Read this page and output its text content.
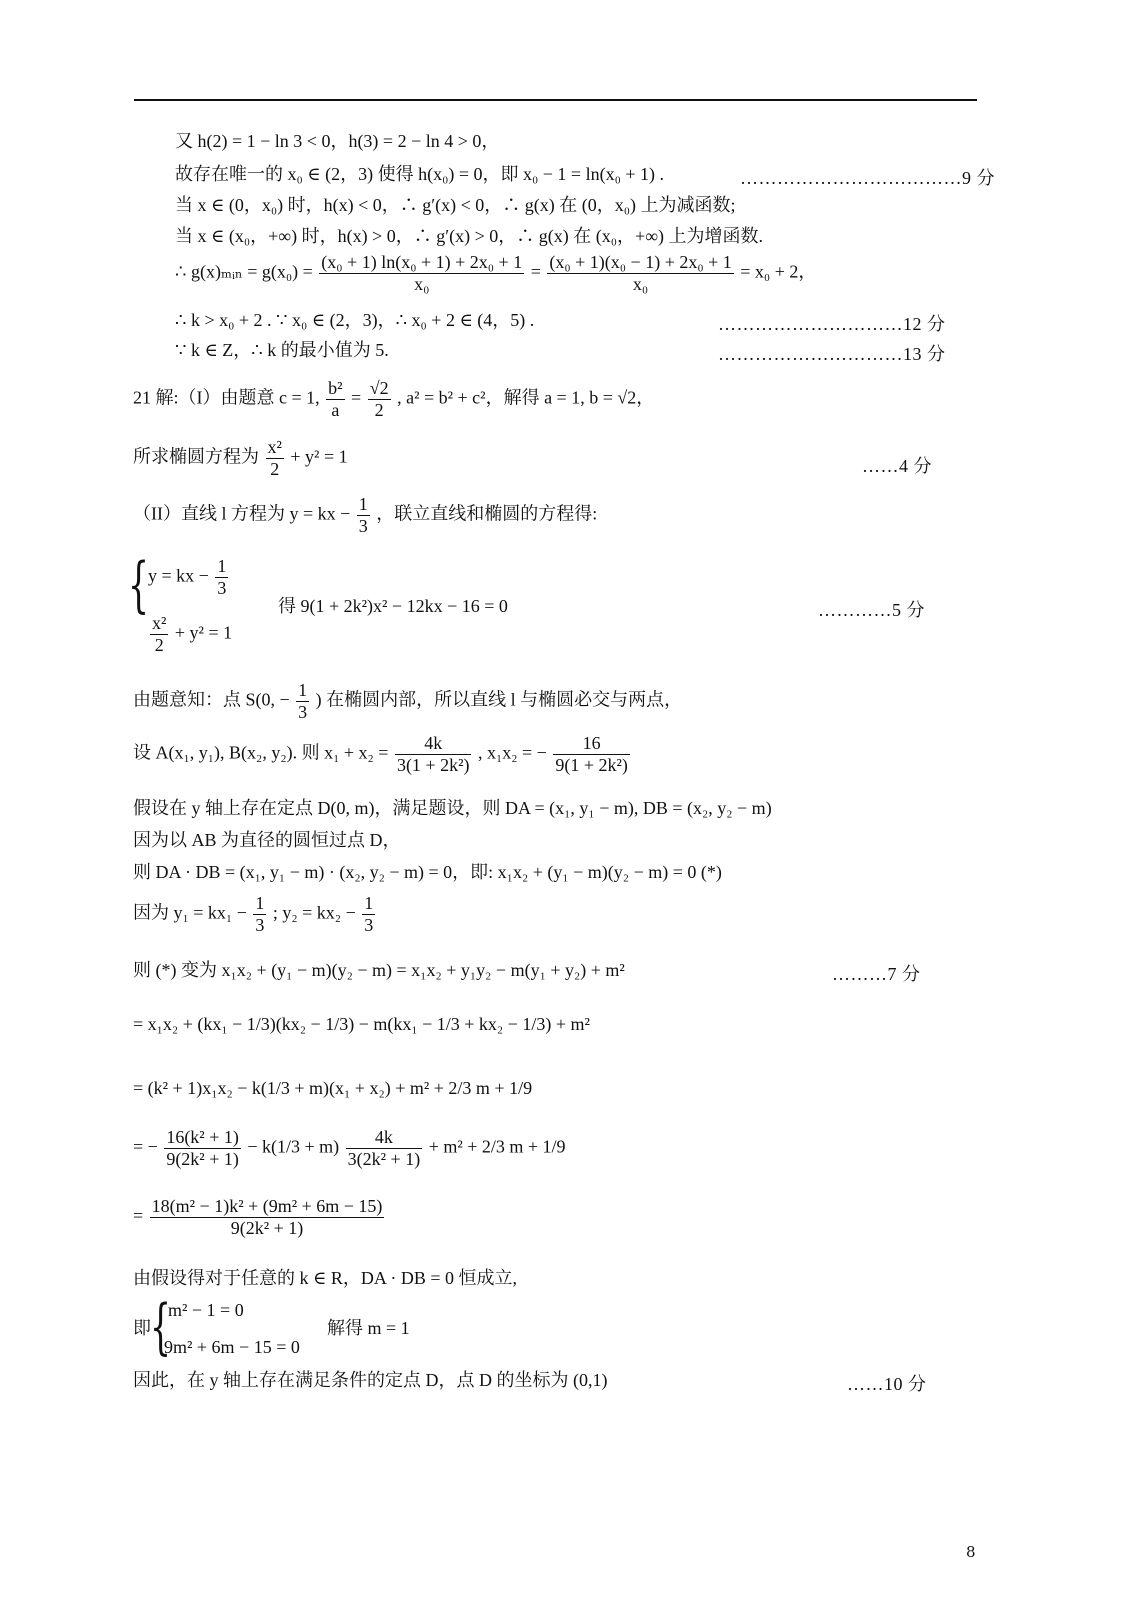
又 h(2) = 1 − ln 3 < 0，h(3) = 2 − ln 4 > 0，
故存在唯一的 x₀ ∈ (2，3) 使得 h(x₀) = 0，即 x₀ − 1 = ln(x₀ + 1) .	………………………………9 分
当 x ∈ (0，x₀) 时，h(x) < 0，∴ g′(x) < 0，∴ g(x) 在 (0，x₀) 上为减函数;
当 x ∈ (x₀，+∞) 时，h(x) > 0，∴ g′(x) > 0，∴ g(x) 在 (x₀，+∞) 上为增函数.
∴ g(x)ₘᵢₙ = $g(x_0) = \frac{\text{(x₀ + 1) ln(x₀ + 1) + 2x₀ + 1}}{\text{x₀}} = \frac{\text{(x₀ + 1)(x₀ − 1) + 2x₀ + 1}}{\text{x₀}} = x_0 + 2$，
∴ k > x₀ + 2 . ∵ x₀ ∈ (2，3)，∴ x₀ + 2 ∈ (4，5) .	…………………………12 分
∵ k ∈ Z，∴ k 的最小值为 5.	…………………………13 分
21 解:（I）由题意 c = 1, $\frac{\text{b²}}{a} = \frac{√2}{2}$ , a² = b² + c²，解得 a = 1, b = √2，
所求椭圆方程为 $\frac{\text{x²}}{2} + y^2 = 1$	……4 分
（II）直线 l 方程为 y = kx − $\frac{1}{3}$ ，联立直线和椭圆的方程得:
{
y = kx − $\frac{1}{3}$
$\frac{\text{x²}}{2} + y^2 = 1$
得 9(1 + 2k²)x² − 12kx − 16 = 0	…………5 分
由题意知：点 S(0, − $\frac{1}{3}$ ) 在椭圆内部，所以直线 l 与椭圆必交与两点，
设 A(x₁, y₁), B(x₂, y₂). 则 $x_1 + x_2 = \frac{4k}{\text{3(1 + 2k²)}}$ , x₁x₂ = − $\frac{16}{\text{9(1 + 2k²)}}$
假设在 y 轴上存在定点 D(0, m)，满足题设，则 DA = (x₁, y₁ − m), DB = (x₂, y₂ − m)
因为以 AB 为直径的圆恒过点 D，
则 DA · DB = (x₁, y₁ − m) · (x₂, y₂ − m) = 0，即: x₁x₂ + (y₁ − m)(y₂ − m) = 0 (*)
因为 $y_1 = kx_1 - \frac{1}{3}$ ; $y_2 = kx_2 - \frac{1}{3}$
则 (*) 变为 x₁x₂ + (y₁ − m)(y₂ − m) = x₁x₂ + y₁y₂ − m(y₁ + y₂) + m²	………7 分
= x₁x₂ + (kx₁ − 1/3)(kx₂ − 1/3) − m(kx₁ − 1/3 + kx₂ − 1/3) + m²
= (k² + 1)x₁x₂ − k(1/3 + m)(x₁ + x₂) + m² + 2/3 m + 1/9
= − $\frac{\text{16(k² + 1)}}{\text{9(2k² + 1)}} - k(1/3 + m) \frac{4k}{\text{3(2k² + 1)}} + m^2 + 2/3$ m + 1/9
= $\frac{\text{18(m² − 1)k² + (9m² + 6m − 15)}}{\text{9(2k² + 1)}}$
由假设得对于任意的 k ∈ R，DA · DB = 0 恒成立,
即 {
m² − 1 = 0
9m² + 6m − 15 = 0
解得 m = 1
因此，在 y 轴上存在满足条件的定点 D，点 D 的坐标为 (0,1)	……10 分
8
